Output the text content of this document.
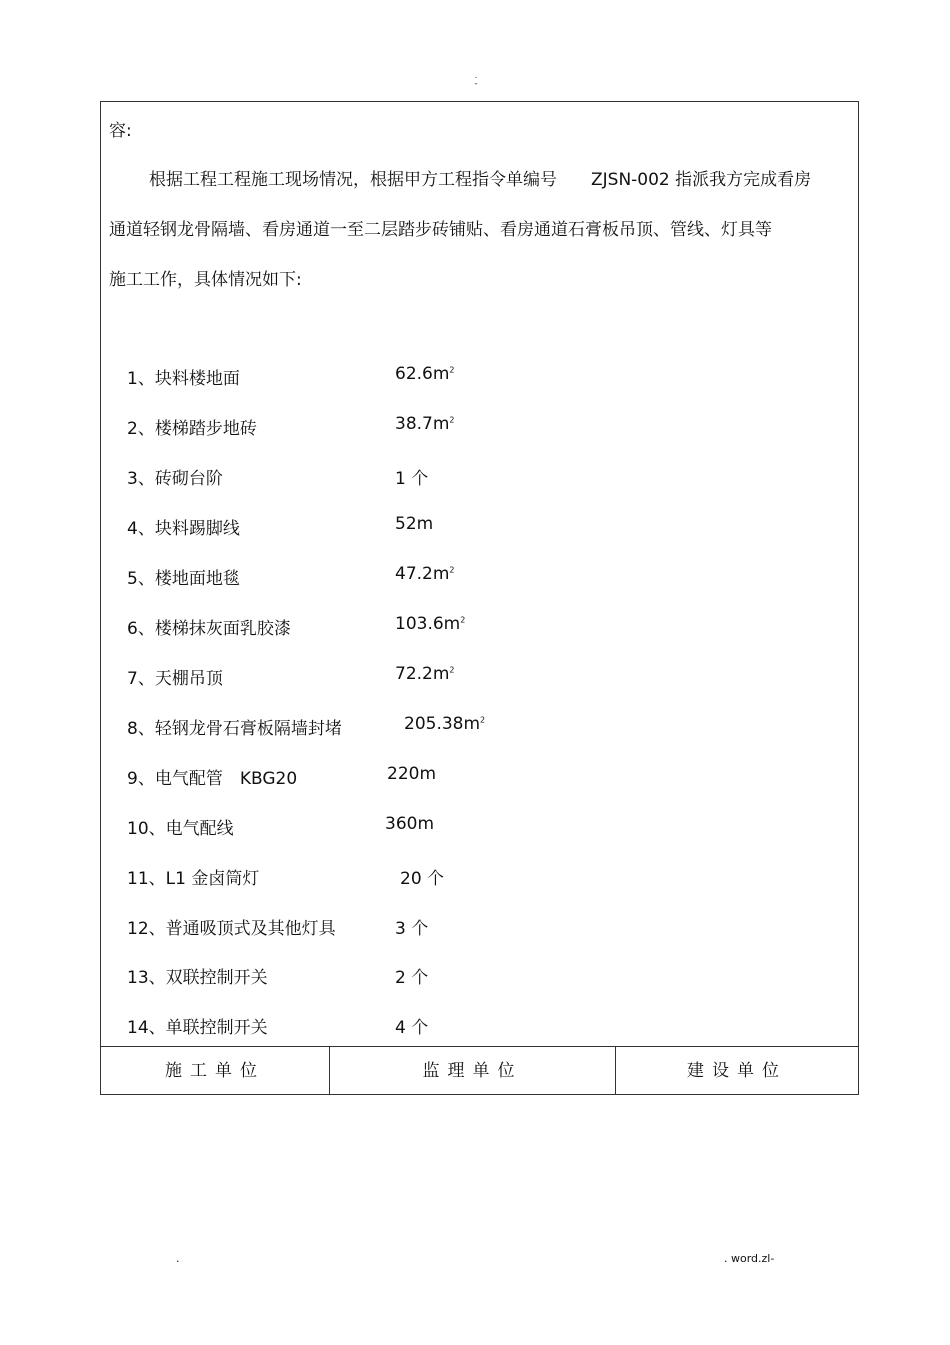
.
-
容:
根据工程工程施工现场情况，根据甲方工程指令单编号　　ZJSN-002 指派我方完成看房
通道轻钢龙骨隔墙、看房通道一至二层踏步砖铺贴、看房通道石膏板吊顶、管线、灯具等
施工工作，具体情况如下:
1、块料楼地面	$62.6m^2$
2、楼梯踏步地砖	$38.7m^2$
3、砖砌台阶	1 个
4、块料踢脚线	52m
5、楼地面地毯	$47.2m^2$
6、楼梯抹灰面乳胶漆	$103.6m^2$
7、天棚吊顶	$72.2m^2$
8、轻钢龙骨石膏板隔墙封堵	$205.38m^2$
9、电气配管　KBG20	220m
10、电气配线	360m
11、L1 金卤筒灯	20 个
12、普通吸顶式及其他灯具	3 个
13、双联控制开关	2 个
14、单联控制开关	4 个
施工单位	监理单位	建设单位
.	. word.zl-
